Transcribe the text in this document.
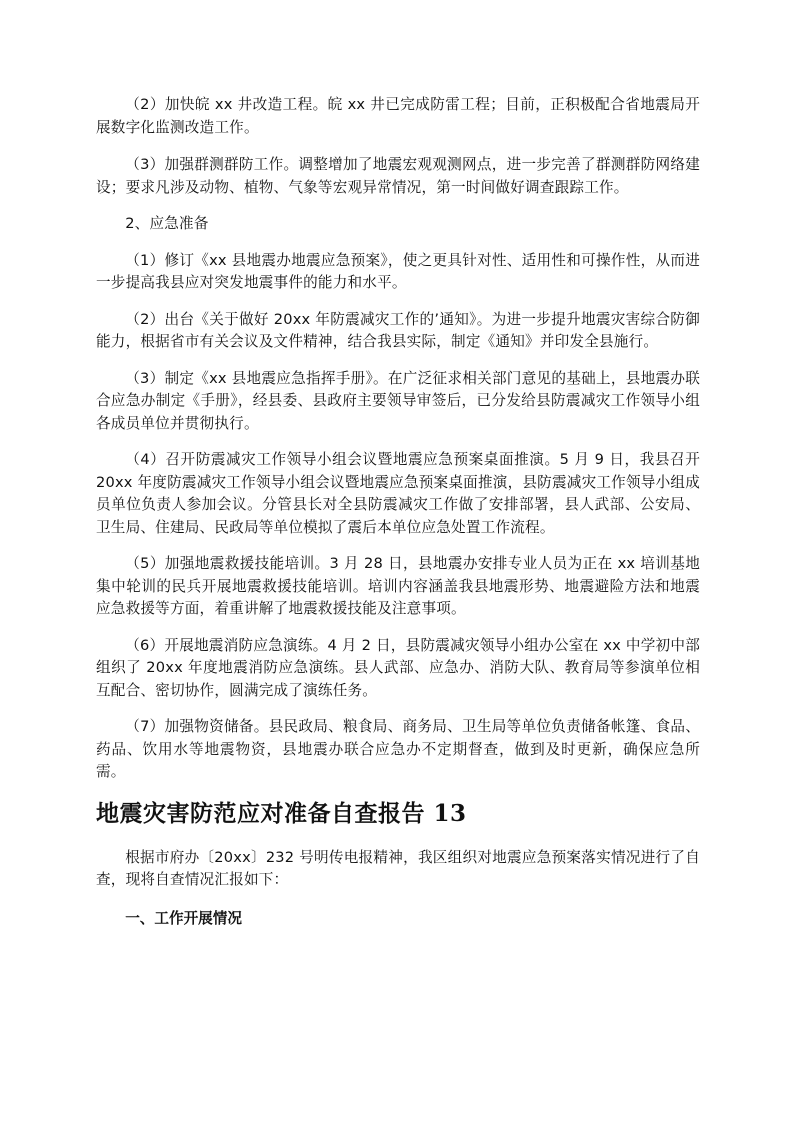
（2）加快皖 xx 井改造工程。皖 xx 井已完成防雷工程；目前，正积极配合省地震局开展数字化监测改造工作。

（3）加强群测群防工作。调整增加了地震宏观观测网点，进一步完善了群测群防网络建设；要求凡涉及动物、植物、气象等宏观异常情况，第一时间做好调查跟踪工作。

2、应急准备

（1）修订《xx 县地震办地震应急预案》，使之更具针对性、适用性和可操作性，从而进一步提高我县应对突发地震事件的能力和水平。

（2）出台《关于做好 20xx 年防震减灾工作的’通知》。为进一步提升地震灾害综合防御能力，根据省市有关会议及文件精神，结合我县实际，制定《通知》并印发全县施行。

（3）制定《xx 县地震应急指挥手册》。在广泛征求相关部门意见的基础上，县地震办联合应急办制定《手册》，经县委、县政府主要领导审签后，已分发给县防震减灾工作领导小组各成员单位并贯彻执行。

（4）召开防震减灾工作领导小组会议暨地震应急预案桌面推演。5 月 9 日，我县召开 20xx 年度防震减灾工作领导小组会议暨地震应急预案桌面推演，县防震减灾工作领导小组成员单位负责人参加会议。分管县长对全县防震减灾工作做了安排部署，县人武部、公安局、卫生局、住建局、民政局等单位模拟了震后本单位应急处置工作流程。

（5）加强地震救援技能培训。3 月 28 日，县地震办安排专业人员为正在 xx 培训基地集中轮训的民兵开展地震救援技能培训。培训内容涵盖我县地震形势、地震避险方法和地震应急救援等方面，着重讲解了地震救援技能及注意事项。

（6）开展地震消防应急演练。4 月 2 日，县防震减灾领导小组办公室在 xx 中学初中部组织了 20xx 年度地震消防应急演练。县人武部、应急办、消防大队、教育局等参演单位相互配合、密切协作，圆满完成了演练任务。

（7）加强物资储备。县民政局、粮食局、商务局、卫生局等单位负责储备帐篷、食品、药品、饮用水等地震物资，县地震办联合应急办不定期督查，做到及时更新，确保应急所需。

地震灾害防范应对准备自查报告 13

根据市府办〔20xx〕232 号明传电报精神，我区组织对地震应急预案落实情况进行了自查，现将自查情况汇报如下：

一、工作开展情况
